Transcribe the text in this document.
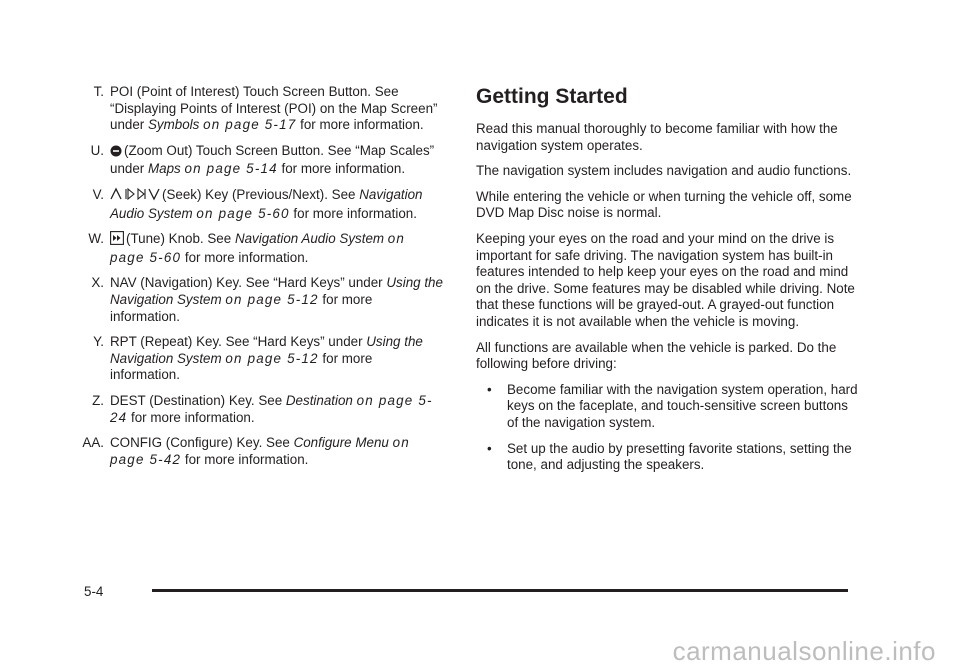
T. POI (Point of Interest) Touch Screen Button. See “Displaying Points of Interest (POI) on the Map Screen” under Symbols on page 5-17 for more information.
U.	(Zoom Out) Touch Screen Button. See “Map Scales” under Maps on page 5-14 for more information.
V.	(Seek) Key (Previous/Next). See Navigation Audio System on page 5-60 for more information.
W.	(Tune) Knob. See Navigation Audio System on page 5-60 for more information.
X. NAV (Navigation) Key. See “Hard Keys” under Using the Navigation System on page 5-12 for more information.
Y. RPT (Repeat) Key. See “Hard Keys” under Using the Navigation System on page 5-12 for more information.
Z. DEST (Destination) Key. See Destination on page 5-24 for more information.
AA. CONFIG (Configure) Key. See Configure Menu on page 5-42 for more information.
Getting Started

Read this manual thoroughly to become familiar with how the navigation system operates.

The navigation system includes navigation and audio functions.

While entering the vehicle or when turning the vehicle off, some DVD Map Disc noise is normal.

Keeping your eyes on the road and your mind on the drive is important for safe driving. The navigation system has built-in features intended to help keep your eyes on the road and mind on the drive. Some features may be disabled while driving. Note that these functions will be grayed-out. A grayed-out function indicates it is not available when the vehicle is moving.

All functions are available when the vehicle is parked. Do the following before driving:

• Become familiar with the navigation system operation, hard keys on the faceplate, and touch-sensitive screen buttons of the navigation system.
• Set up the audio by presetting favorite stations, setting the tone, and adjusting the speakers.
5-4
carmanualsonline.info
